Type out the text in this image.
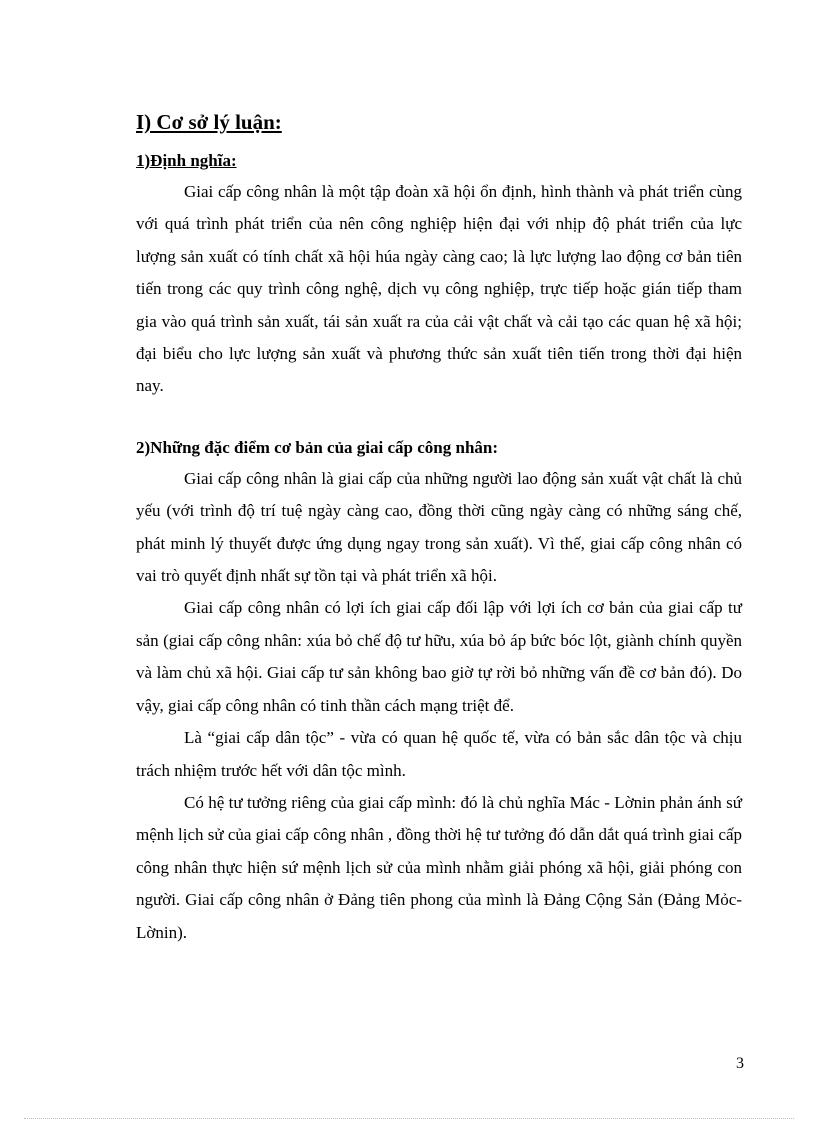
I) Cơ sở lý luận:
1)Định nghĩa:

Giai cấp công nhân là một tập đoàn xã hội ổn định, hình thành và phát triển cùng với quá trình phát triển của nên công nghiệp hiện đại với nhịp độ phát triển của lực lượng sản xuất có tính chất xã hội húa ngày càng cao; là lực lượng lao động cơ bản tiên tiến trong các quy trình công nghệ, dịch vụ công nghiệp, trực tiếp hoặc gián tiếp tham gia vào quá trình sản xuất, tái sản xuất ra của cải vật chất và cải tạo các quan hệ xã hội; đại biểu cho lực lượng sản xuất và phương thức sản xuất tiên tiến trong thời đại hiện nay.

2)Những đặc điểm cơ bản của giai cấp công nhân:

Giai cấp công nhân là giai cấp của những người lao động sản xuất vật chất là chủ yếu (với trình độ trí tuệ ngày càng cao, đồng thời cũng ngày càng có những sáng chế, phát minh lý thuyết được ứng dụng ngay trong sản xuất). Vì thế, giai cấp công nhân có vai trò quyết định nhất sự tồn tại và phát triển xã hội.

Giai cấp công nhân có lợi ích giai cấp đối lập với lợi ích cơ bản của giai cấp tư sản (giai cấp công nhân: xúa bỏ chế độ tư hữu, xúa bỏ áp bức bóc lột, giành chính quyền và làm chủ xã hội. Giai cấp tư sản không bao giờ tự rời bỏ những vấn đề cơ bản đó). Do vậy, giai cấp công nhân có tinh thần cách mạng triệt để.

Là “giai cấp dân tộc” - vừa có quan hệ quốc tế, vừa có bản sắc dân tộc và chịu trách nhiệm trước hết với dân tộc mình.

Có hệ tư tưởng riêng của giai cấp mình: đó là chủ nghĩa Mác - Lờnin phản ánh sứ mệnh lịch sử của giai cấp công nhân , đồng thời hệ tư tưởng đó dẫn dắt quá trình giai cấp công nhân thực hiện sứ mệnh lịch sử của mình nhằm giải phóng xã hội, giải phóng con người. Giai cấp công nhân ở Đảng tiên phong của mình là Đảng Cộng Sản (Đảng Mỏc-Lờnin).

3
